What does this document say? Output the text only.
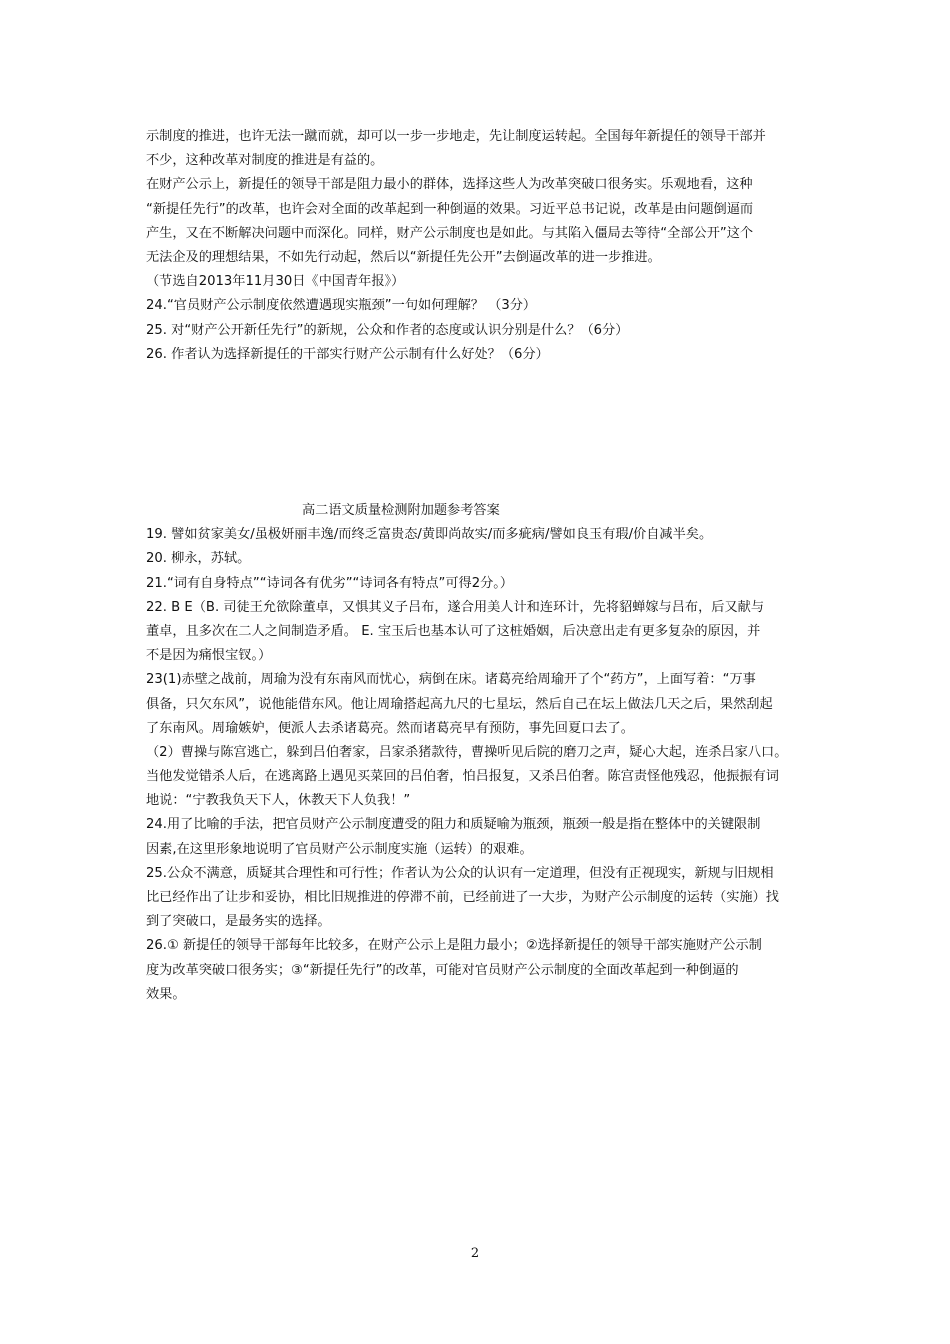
示制度的推进，也许无法一蹴而就，却可以一步一步地走，先让制度运转起。全国每年新提任的领导干部并
不少，这种改革对制度的推进是有益的。
在财产公示上，新提任的领导干部是阻力最小的群体，选择这些人为改革突破口很务实。乐观地看，这种
“新提任先行”的改革，也许会对全面的改革起到一种倒逼的效果。习近平总书记说，改革是由问题倒逼而
产生，又在不断解决问题中而深化。同样，财产公示制度也是如此。与其陷入僵局去等待“全部公开”这个
无法企及的理想结果，不如先行动起，然后以“新提任先公开”去倒逼改革的进一步推进。
（节选自2013年11月30日《中国青年报》）
24.“官员财产公示制度依然遭遇现实瓶颈”一句如何理解？ （3分）
25. 对“财产公开新任先行”的新规，公众和作者的态度或认识分别是什么？（6分）
26. 作者认为选择新提任的干部实行财产公示制有什么好处？（6分）
高二语文质量检测附加题参考答案
19. 譬如贫家美女/虽极妍丽丰逸/而终乏富贵态/黄即尚故实/而多疵病/譬如良玉有瑕/价自减半矣。
20. 柳永，苏轼。
21.“词有自身特点”“诗词各有优劣”“诗词各有特点”可得2分。）
22. B E（B. 司徒王允欲除董卓，又惧其义子吕布，遂合用美人计和连环计，先将貂蝉嫁与吕布，后又献与
董卓，且多次在二人之间制造矛盾。 E. 宝玉后也基本认可了这桩婚姻，后决意出走有更多复杂的原因，并
不是因为痛恨宝钗。）
23(1)赤壁之战前，周瑜为没有东南风而忧心，病倒在床。诸葛亮给周瑜开了个“药方”，上面写着：“万事
俱备，只欠东风”，说他能借东风。他让周瑜搭起高九尺的七星坛，然后自己在坛上做法几天之后，果然刮起
了东南风。周瑜嫉妒，便派人去杀诸葛亮。然而诸葛亮早有预防，事先回夏口去了。
（2）曹操与陈宫逃亡，躲到吕伯奢家，吕家杀猪款待，曹操听见后院的磨刀之声，疑心大起，连杀吕家八口。
当他发觉错杀人后，在逃离路上遇见买菜回的吕伯奢，怕吕报复，又杀吕伯奢。陈宫责怪他残忍，他振振有词
地说：“宁教我负天下人，休教天下人负我！”
24.用了比喻的手法，把官员财产公示制度遭受的阻力和质疑喻为瓶颈，瓶颈一般是指在整体中的关键限制
因素,在这里形象地说明了官员财产公示制度实施（运转）的艰难。
25.公众不满意，质疑其合理性和可行性；作者认为公众的认识有一定道理，但没有正视现实，新规与旧规相
比已经作出了让步和妥协，相比旧规推进的停滞不前，已经前进了一大步，为财产公示制度的运转（实施）找
到了突破口，是最务实的选择。
26.① 新提任的领导干部每年比较多，在财产公示上是阻力最小；②选择新提任的领导干部实施财产公示制
度为改革突破口很务实；③“新提任先行”的改革，可能对官员财产公示制度的全面改革起到一种倒逼的
效果。
2
